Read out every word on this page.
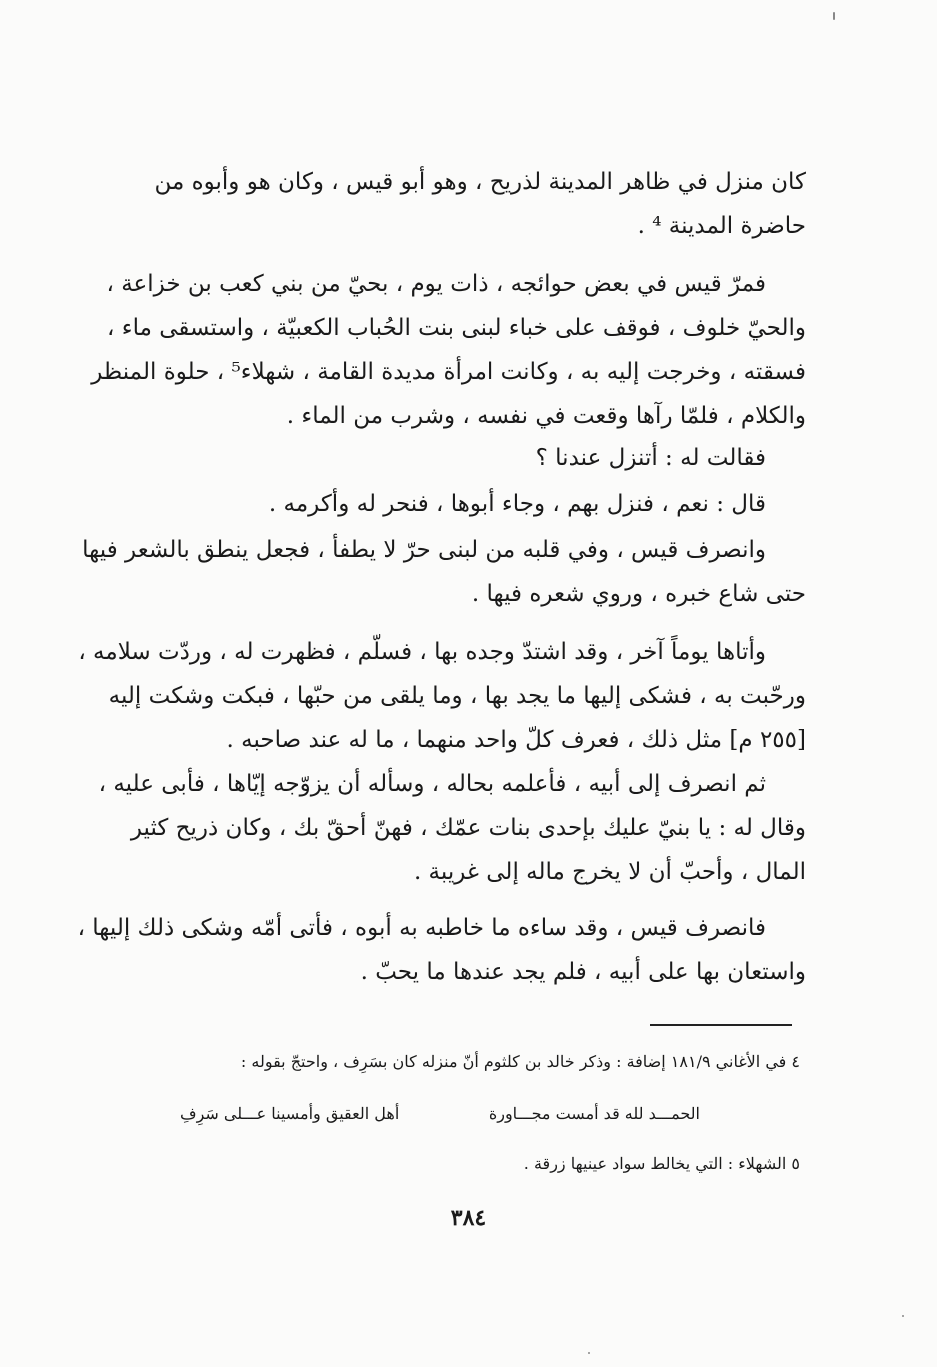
كان منزل في ظاهر المدينة لذريح ، وهو أبو قيس ، وكان هو وأبوه من
حاضرة المدينة ⁴ .
فمرّ قيس في بعض حوائجه ، ذات يوم ، بحيّ من بني كعب بن خزاعة ،
والحيّ خلوف ، فوقف على خباء لبنى بنت الحُباب الكعبيّة ، واستسقى ماء ،
فسقته ، وخرجت إليه به ، وكانت امرأة مديدة القامة ، شهلاء⁵ ، حلوة المنظر
والكلام ، فلمّا رآها وقعت في نفسه ، وشرب من الماء .
فقالت له : أتنزل عندنا ؟
قال : نعم ، فنزل بهم ، وجاء أبوها ، فنحر له وأكرمه .
وانصرف قيس ، وفي قلبه من لبنى حرّ لا يطفأ ، فجعل ينطق بالشعر فيها
حتى شاع خبره ، وروي شعره فيها .
وأتاها يوماً آخر ، وقد اشتدّ وجده بها ، فسلّم ، فظهرت له ، وردّت سلامه ،
ورحّبت به ، فشكى إليها ما يجد بها ، وما يلقى من حبّها ، فبكت وشكت إليه
[٢٥٥ م] مثل ذلك ، فعرف كلّ واحد منهما ، ما له عند صاحبه .
ثم انصرف إلى أبيه ، فأعلمه بحاله ، وسأله أن يزوّجه إيّاها ، فأبى عليه ،
وقال له : يا بنيّ عليك بإحدى بنات عمّك ، فهنّ أحقّ بك ، وكان ذريح كثير
المال ، وأحبّ أن لا يخرج ماله إلى غريبة .
فانصرف قيس ، وقد ساءه ما خاطبه به أبوه ، فأتى أمّه وشكى ذلك إليها ،
واستعان بها على أبيه ، فلم يجد عندها ما يحبّ .
٤ في الأغاني ١٨١/٩ إضافة : وذكر خالد بن كلثوم أنّ منزله كان بسَرِف ، واحتجّ بقوله :
الحمـــد لله قد أمست مجـــاورة
أهل العقيق وأمسينا عـــلى سَرِفِ
٥ الشهلاء : التي يخالط سواد عينيها زرقة .
٣٨٤
